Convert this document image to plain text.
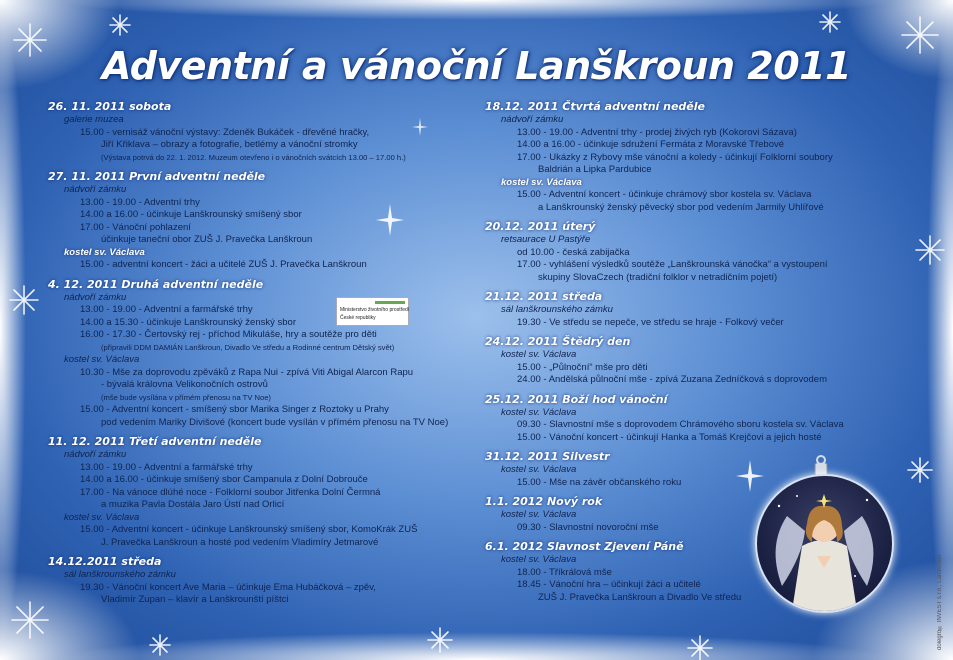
Adventní a vánoční Lanškroun 2011
26. 11. 2011 sobota
galerie muzea
15.00 - vernisáž vánoční výstavy: Zdeněk Bukáček - dřevěné hračky,
Jiří Křiklava – obrazy a fotografie, betlémy a vánoční stromky
(Výstava potrvá do 22. 1. 2012. Muzeum otevřeno i o vánočních svátcích 13.00 – 17.00 h.)
27. 11. 2011 První adventní neděle
nádvoří zámku
13.00 - 19.00 - Adventní trhy
14.00 a 16.00 - účinkuje Lanškrounský smíšený sbor
17.00 - Vánoční pohlazení
účinkuje taneční obor ZUŠ J. Pravečka Lanškroun
kostel sv. Václava
15.00 - adventní koncert - žáci a učitelé ZUŠ J. Pravečka Lanškroun
4. 12. 2011 Druhá adventní neděle
nádvoří zámku
13.00 - 19.00 - Adventní a farmářské trhy
14.00 a 15.30 - účinkuje Lanškrounský ženský sbor
16.00 - 17.30 - Čertovský rej - příchod Mikuláše, hry a soutěže pro děti
(připravili DDM DAMIÁN Lanškroun, Divadlo Ve středu a Rodinné centrum Dětský svět)
kostel sv. Václava
10.30 - Mše za doprovodu zpěváků z Rapa Nui - zpívá Viti Abigal Alarcon Rapu
- bývalá královna Velikonočních ostrovů
(mše bude vysílána v přímém přenosu na TV Noe)
15.00 - Adventní koncert - smíšený sbor Marika Singer z Roztoky u Prahy
pod vedením Mariky Divišové (koncert bude vysílán v přímém přenosu na TV Noe)
11. 12. 2011 Třetí adventní neděle
nádvoří zámku
13.00 - 19.00 - Adventní a farmářské trhy
14.00 a 16.00 - účinkuje smíšený sbor Campanula z Dolní Dobrouče
17.00 - Na vánoce dlúhé noce - Folklorní soubor Jitřenka Dolní Čermná
a muzika Pavla Dostála Jaro Ústí nad Orlicí
kostel sv. Václava
15.00 - Adventní koncert - účinkuje Lanškrounský smíšený sbor, KomoKrák ZUŠ
J. Pravečka Lanškroun a hosté pod vedením Vladimíry Jetmarové
14.12.2011 středa
sál lanškrounského zámku
19.30 - Vánoční koncert Ave Maria – účinkuje Ema Hubáčková – zpěv,
Vladimír Zupan – klavír a Lanškrounští píštci
18.12. 2011 Čtvrtá adventní neděle
nádvoří zámku
13.00 - 19.00 - Adventní trhy - prodej živých ryb (Kokorovi Sázava)
14.00 a 16.00 - účinkuje sdružení Fermáta z Moravské Třebové
17.00 - Ukázky z Rybovy mše vánoční a koledy - účinkují Folklorní soubory
Baldrián a Lipka Pardubice
kostel sv. Václava
15.00 - Adventní koncert - účinkuje chrámový sbor kostela sv. Václava
a Lanškrounský ženský pěvecký sbor pod vedením Jarmily Uhlířové
20.12. 2011 úterý
retsaurace U Pastýře
od 10.00 - česká zabijačka
17.00 - vyhlášení výsledků soutěže „Lanškrounská vánočka“ a vystoupení
skupiny SlovaCzech (tradiční folklor v netradičním pojetí)
21.12. 2011 středa
sál lanškrounského zámku
19.30 - Ve středu se nepeče, ve středu se hraje - Folkový večer
24.12. 2011 Štědrý den
kostel sv. Václava
15.00 - „Půlnoční“ mše pro děti
24.00 - Andělská půlnoční mše - zpívá Zuzana Zedníčková s doprovodem
25.12. 2011 Boží hod vánoční
kostel sv. Václava
09.30 - Slavnostní mše s doprovodem Chrámového sboru kostela sv. Václava
15.00 - Vánoční koncert - účinkují Hanka a Tomáš Krejčovi a jejich hosté
31.12. 2011 Silvestr
kostel sv. Václava
15.00 - Mše na závěr občanského roku
1.1. 2012 Nový rok
kostel sv. Václava
09.30 - Slavnostní novoroční mše
6.1. 2012 Slavnost Zjevení Páně
kostel sv. Václava
18.00 - Tříkrálová mše
18.45 - Vánoční hra – účinkují žáci a učitelé
ZUŠ J. Pravečka Lanškroun a Divadlo Ve středu
Ministerstvo životního prostředí
České republiky
dolegro® INVEST s.r.o., Lanškroun
